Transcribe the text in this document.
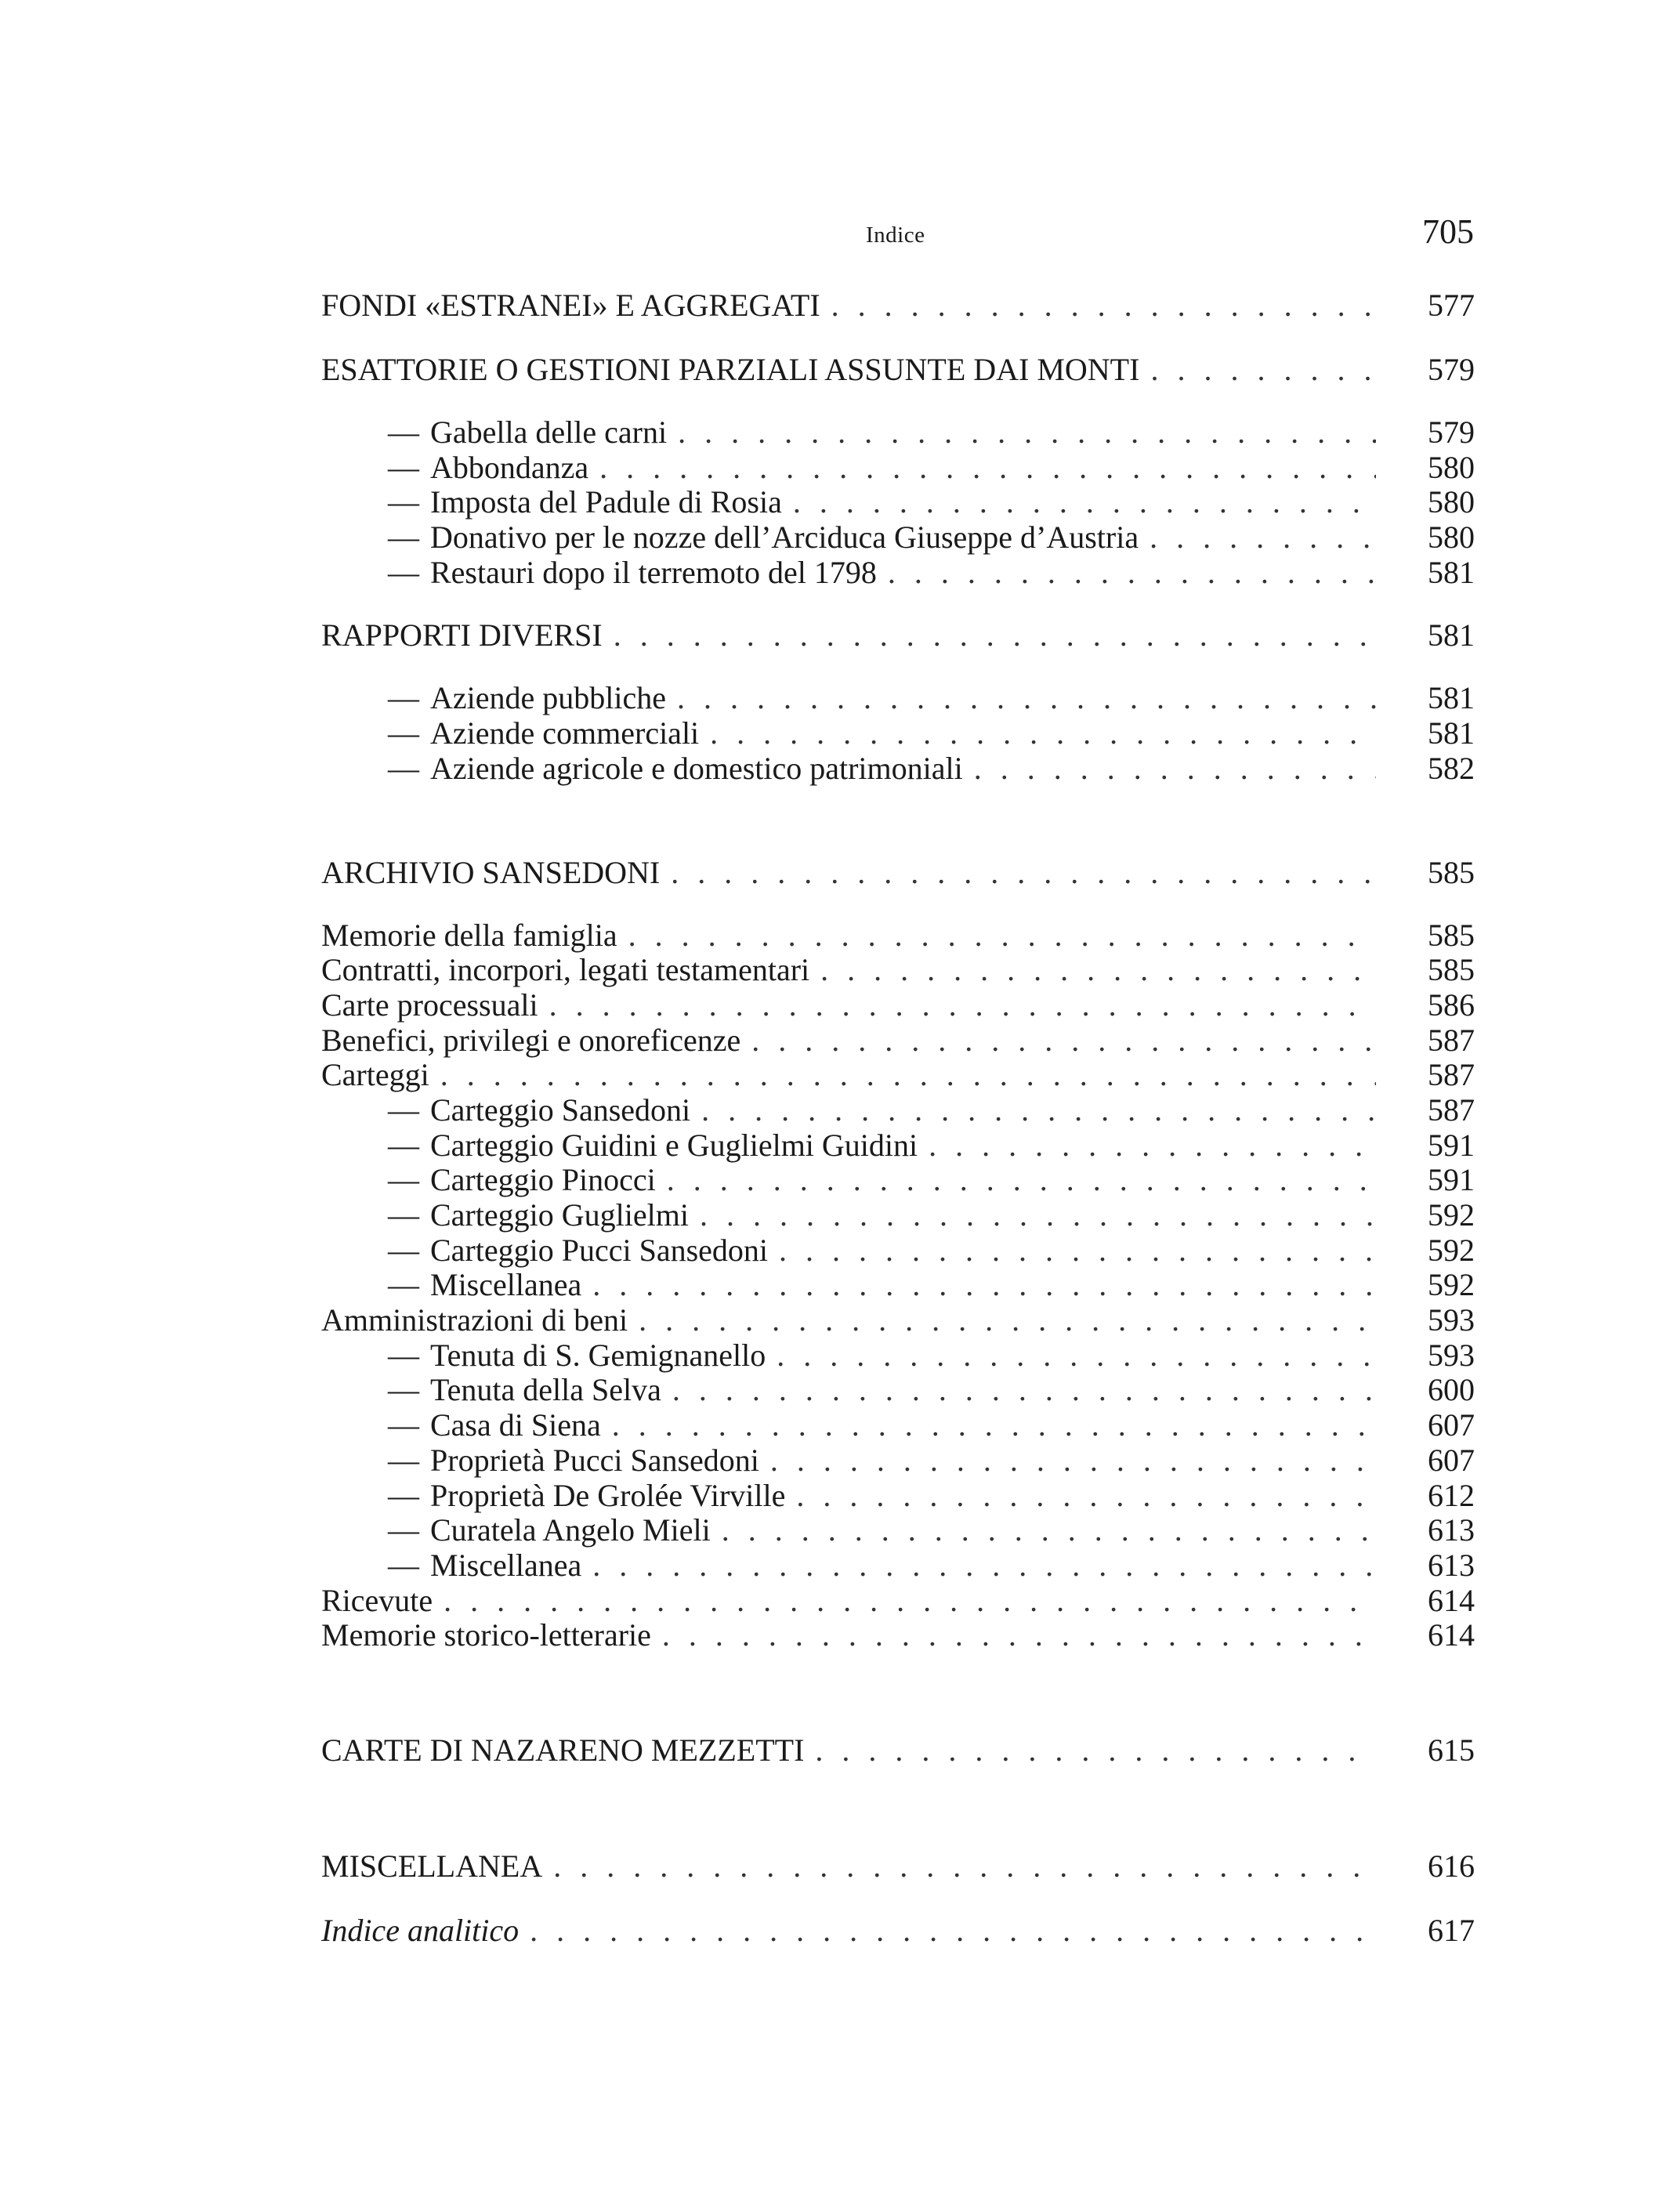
Indice	705
FONDI «ESTRANEI» E AGGREGATI . . .	577
ESATTORIE O GESTIONI PARZIALI ASSUNTE DAI MONTI . . .	579
— Gabella delle carni . . .	579
— Abbondanza . . .	580
— Imposta del Padule di Rosia . . .	580
— Donativo per le nozze dell’Arciduca Giuseppe d’Austria . . .	580
— Restauri dopo il terremoto del 1798 . . .	581
RAPPORTI DIVERSI . . .	581
— Aziende pubbliche . . .	581
— Aziende commerciali . . .	581
— Aziende agricole e domestico patrimoniali . . .	582
ARCHIVIO SANSEDONI . . .	585
Memorie della famiglia . . .	585
Contratti, incorpori, legati testamentari . . .	585
Carte processuali . . .	586
Benefici, privilegi e onoreficenze . . .	587
Carteggi . . .	587
— Carteggio Sansedoni . . .	587
— Carteggio Guidini e Guglielmi Guidini . . .	591
— Carteggio Pinocci . . .	591
— Carteggio Guglielmi . . .	592
— Carteggio Pucci Sansedoni . . .	592
— Miscellanea . . .	592
Amministrazioni di beni . . .	593
— Tenuta di S. Gemignanello . . .	593
— Tenuta della Selva . . .	600
— Casa di Siena . . .	607
— Proprietà Pucci Sansedoni . . .	607
— Proprietà De Grolée Virville . . .	612
— Curatela Angelo Mieli . . .	613
— Miscellanea . . .	613
Ricevute . . .	614
Memorie storico-letterarie . . .	614
CARTE DI NAZARENO MEZZETTI . . .	615
MISCELLANEA . . .	616
Indice analitico . . .	617
